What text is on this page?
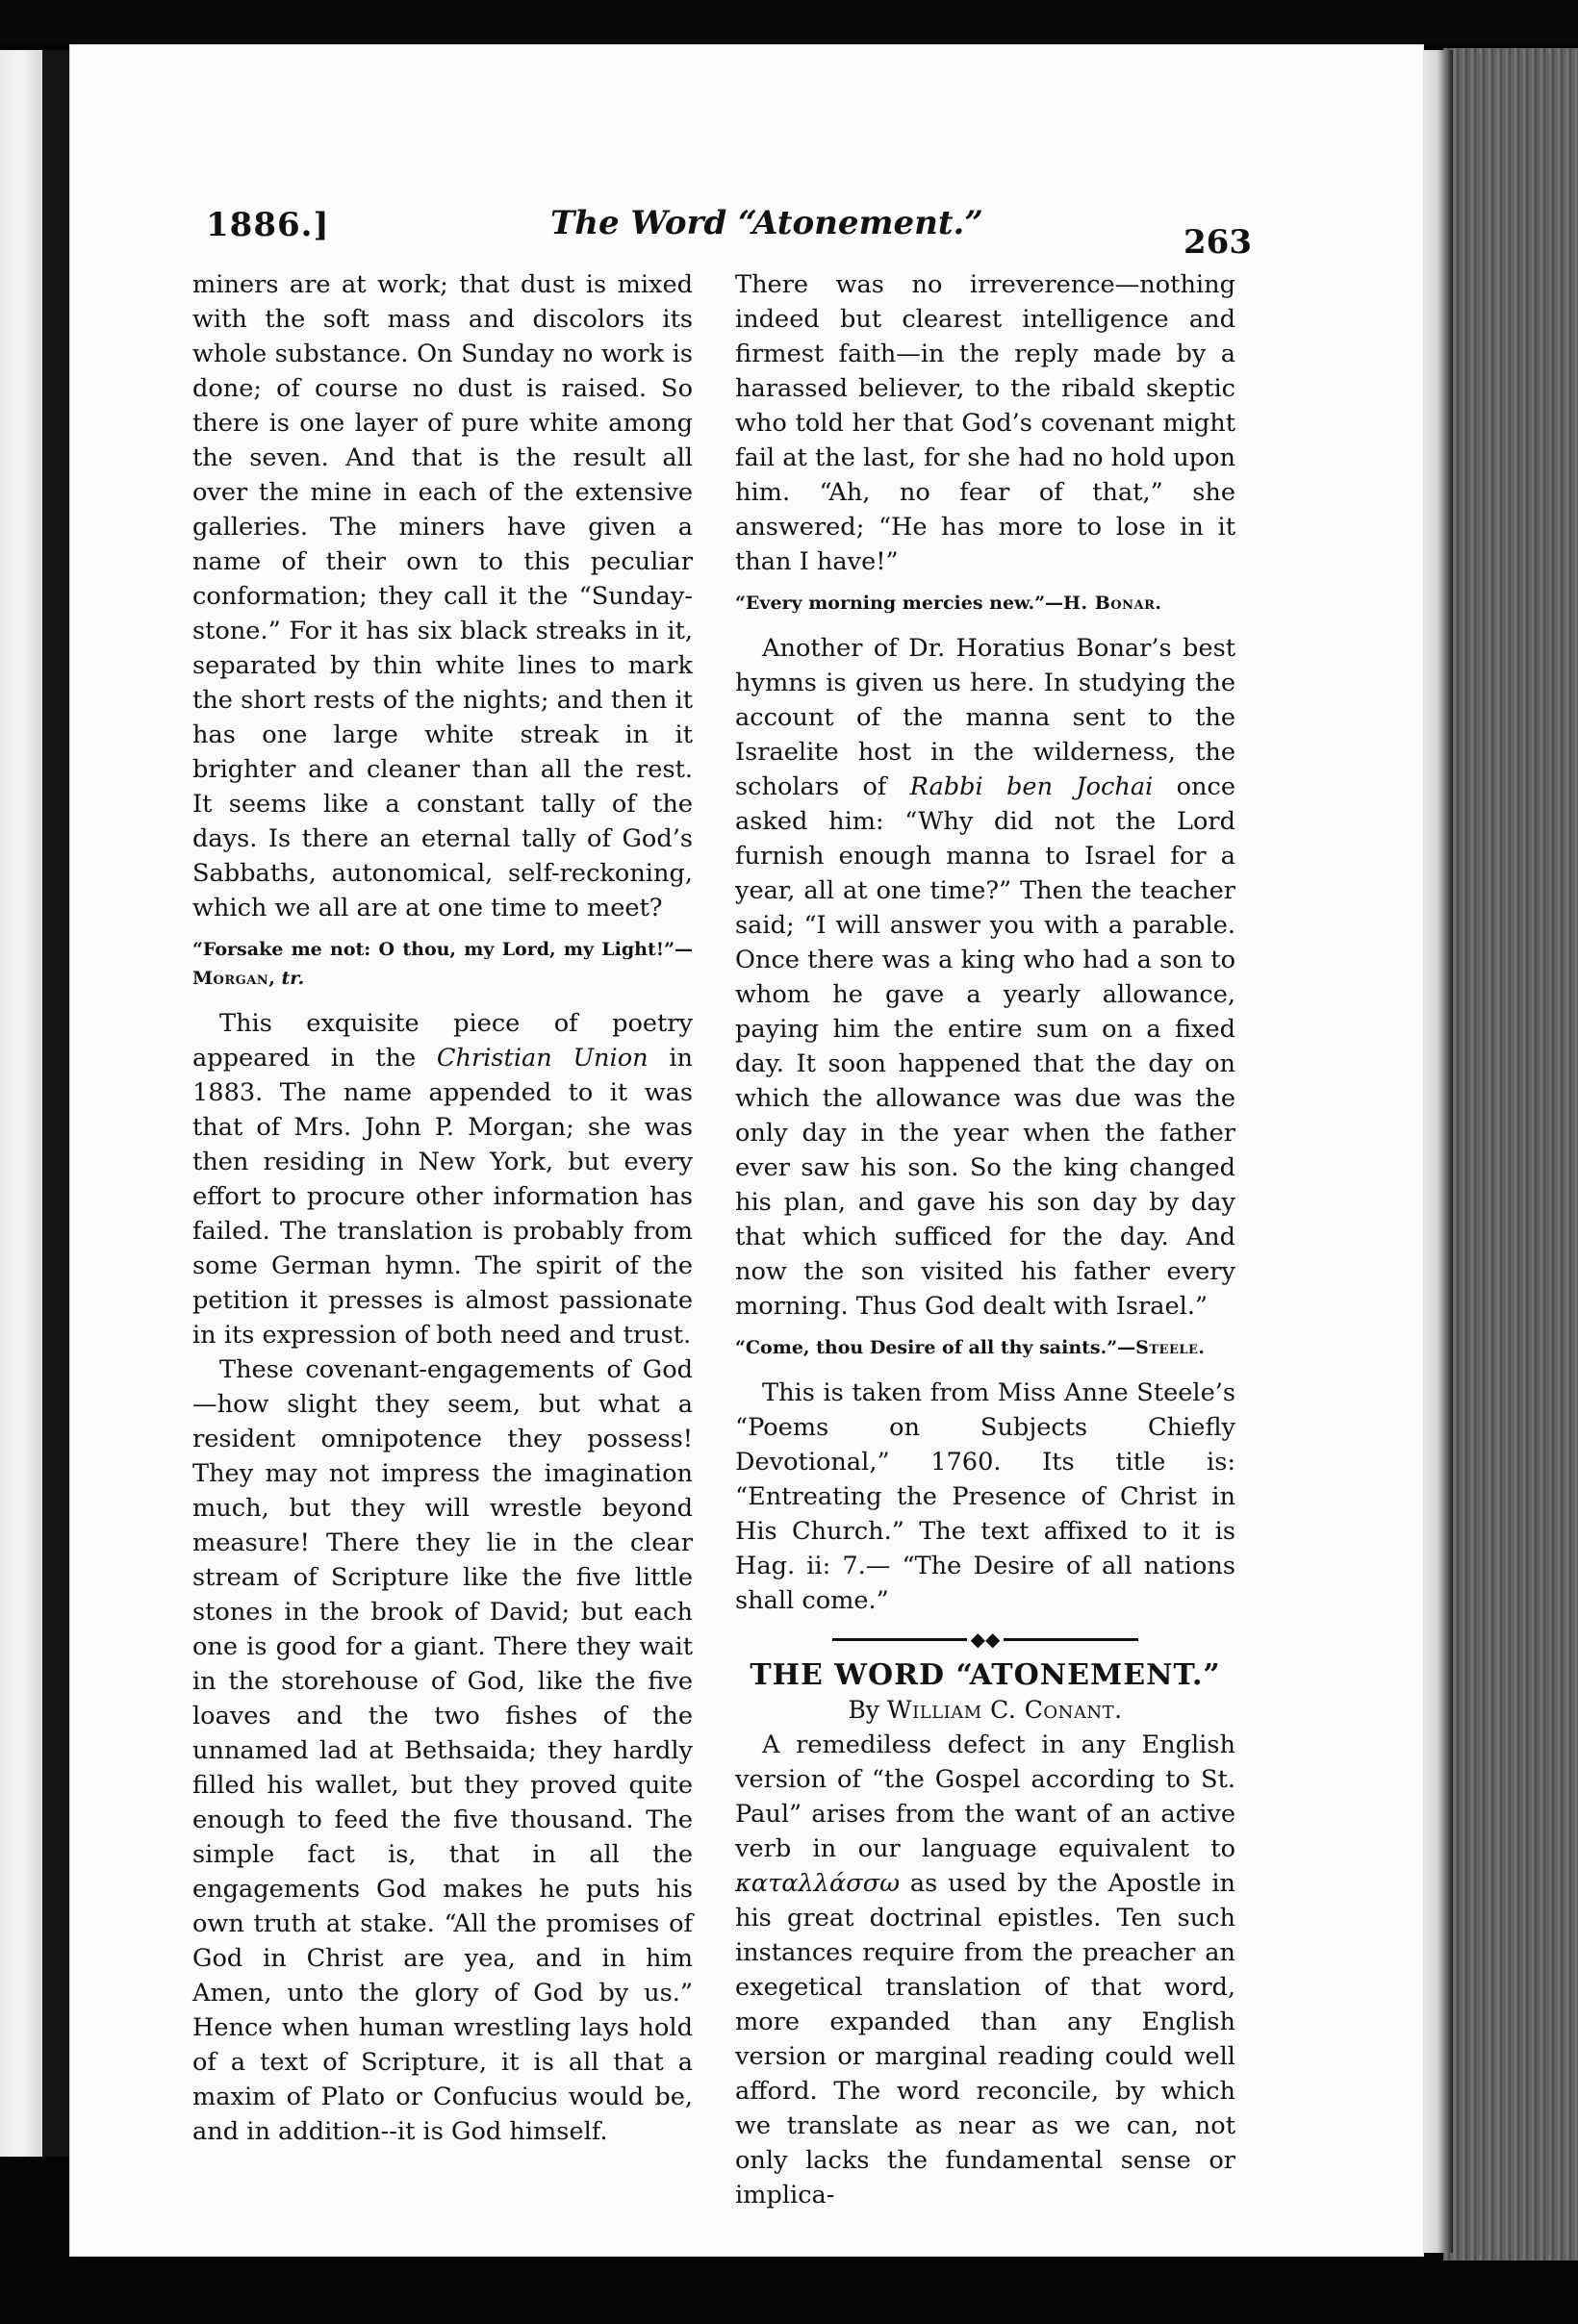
1886.]	The Word “Atonement.”	263

miners are at work; that dust is mixed with the soft mass and discolors its whole substance. On Sunday no work is done; of course no dust is raised. So there is one layer of pure white among the seven. And that is the result all over the mine in each of the extensive galleries. The miners have given a name of their own to this peculiar conformation; they call it the “Sunday-stone.” For it has six black streaks in it, separated by thin white lines to mark the short rests of the nights; and then it has one large white streak in it brighter and cleaner than all the rest. It seems like a constant tally of the days. Is there an eternal tally of God’s Sabbaths, autonomical, self-reckoning, which we all are at one time to meet?

“Forsake me not: O thou, my Lord, my Light!”—Morgan, tr.

This exquisite piece of poetry appeared in the Christian Union in 1883. The name appended to it was that of Mrs. John P. Morgan; she was then residing in New York, but every effort to procure other information has failed. The translation is probably from some German hymn. The spirit of the petition it presses is almost passionate in its expression of both need and trust.

These covenant-engagements of God —how slight they seem, but what a resident omnipotence they possess! They may not impress the imagination much, but they will wrestle beyond measure! There they lie in the clear stream of Scripture like the five little stones in the brook of David; but each one is good for a giant. There they wait in the storehouse of God, like the five loaves and the two fishes of the unnamed lad at Bethsaida; they hardly filled his wallet, but they proved quite enough to feed the five thousand. The simple fact is, that in all the engagements God makes he puts his own truth at stake. “All the promises of God in Christ are yea, and in him Amen, unto the glory of God by us.” Hence when human wrestling lays hold of a text of Scripture, it is all that a maxim of Plato or Confucius would be, and in addition--it is God himself.

There was no irreverence—nothing indeed but clearest intelligence and firmest faith—in the reply made by a harassed believer, to the ribald skeptic who told her that God’s covenant might fail at the last, for she had no hold upon him. “Ah, no fear of that,” she answered; “He has more to lose in it than I have!”

“Every morning mercies new.”—H. Bonar.

Another of Dr. Horatius Bonar’s best hymns is given us here. In studying the account of the manna sent to the Israelite host in the wilderness, the scholars of Rabbi ben Jochai once asked him: “Why did not the Lord furnish enough manna to Israel for a year, all at one time?” Then the teacher said; “I will answer you with a parable. Once there was a king who had a son to whom he gave a yearly allowance, paying him the entire sum on a fixed day. It soon happened that the day on which the allowance was due was the only day in the year when the father ever saw his son. So the king changed his plan, and gave his son day by day that which sufficed for the day. And now the son visited his father every morning. Thus God dealt with Israel.”

“Come, thou Desire of all thy saints.”—Steele.

This is taken from Miss Anne Steele’s “Poems on Subjects Chiefly Devotional,” 1760. Its title is: “Entreating the Presence of Christ in His Church.” The text affixed to it is Hag. ii: 7.— “The Desire of all nations shall come.”

◆◆

THE WORD “ATONEMENT.”

By William C. Conant.

A remediless defect in any English version of “the Gospel according to St. Paul” arises from the want of an active verb in our language equivalent to καταλλάσσω as used by the Apostle in his great doctrinal epistles. Ten such instances require from the preacher an exegetical translation of that word, more expanded than any English version or marginal reading could well afford. The word reconcile, by which we translate as near as we can, not only lacks the fundamental sense or implica-
